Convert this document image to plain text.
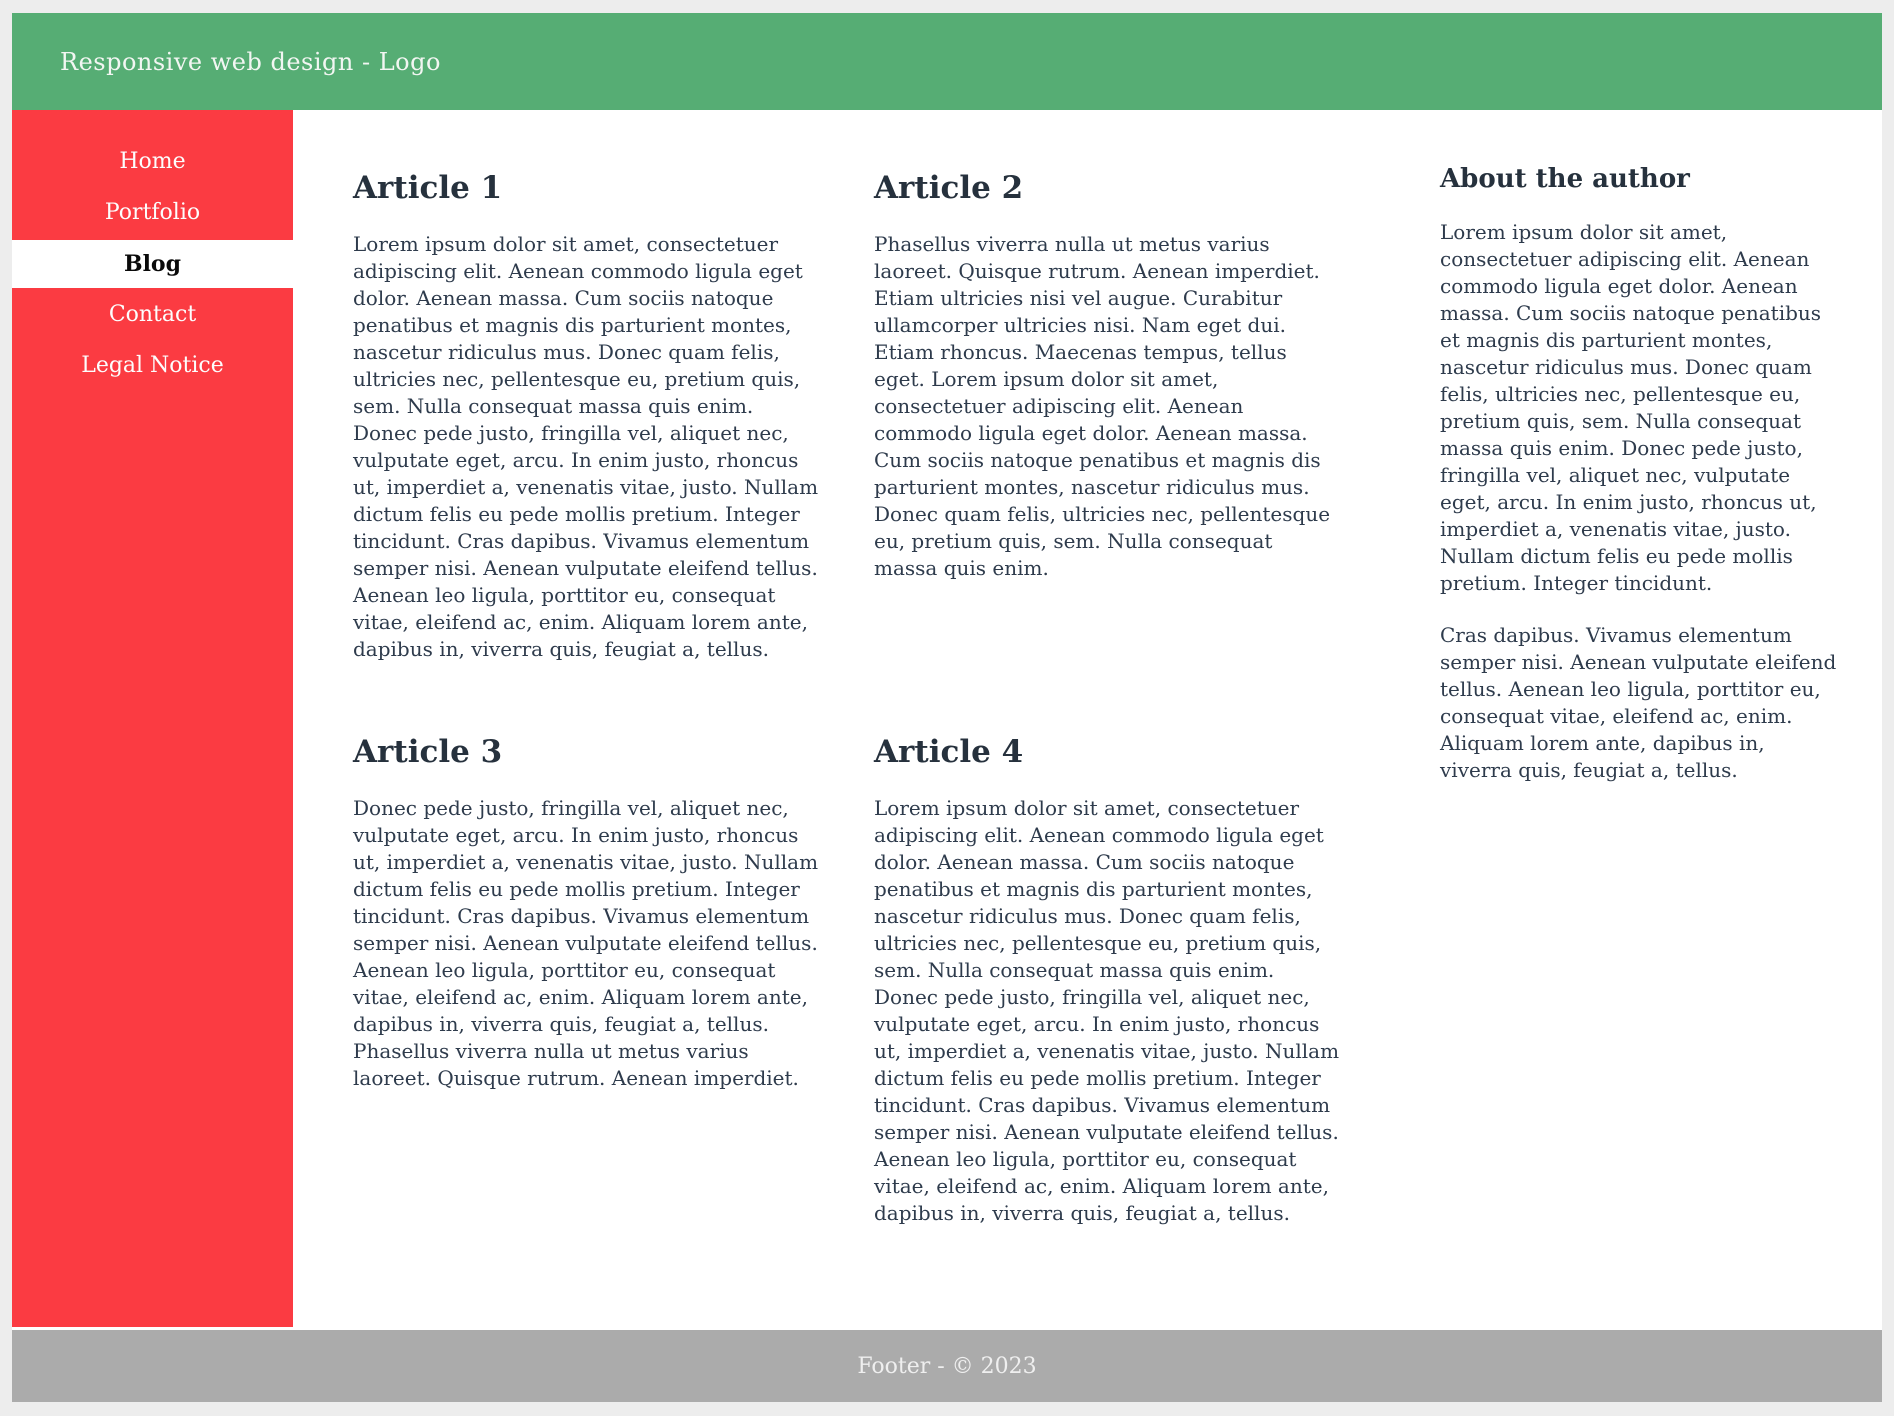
Responsive web design - Logo
Home
Portfolio
Blog
Contact
Legal Notice
Article 1

Lorem ipsum dolor sit amet, consectetuer adipiscing elit. Aenean commodo ligula eget dolor. Aenean massa. Cum sociis natoque penatibus et magnis dis parturient montes, nascetur ridiculus mus. Donec quam felis, ultricies nec, pellentesque eu, pretium quis, sem. Nulla consequat massa quis enim. Donec pede justo, fringilla vel, aliquet nec, vulputate eget, arcu. In enim justo, rhoncus ut, imperdiet a, venenatis vitae, justo. Nullam dictum felis eu pede mollis pretium. Integer tincidunt. Cras dapibus. Vivamus elementum semper nisi. Aenean vulputate eleifend tellus. Aenean leo ligula, porttitor eu, consequat vitae, eleifend ac, enim. Aliquam lorem ante, dapibus in, viverra quis, feugiat a, tellus.

Article 2

Phasellus viverra nulla ut metus varius laoreet. Quisque rutrum. Aenean imperdiet. Etiam ultricies nisi vel augue. Curabitur ullamcorper ultricies nisi. Nam eget dui. Etiam rhoncus. Maecenas tempus, tellus eget. Lorem ipsum dolor sit amet, consectetuer adipiscing elit. Aenean commodo ligula eget dolor. Aenean massa. Cum sociis natoque penatibus et magnis dis parturient montes, nascetur ridiculus mus. Donec quam felis, ultricies nec, pellentesque eu, pretium quis, sem. Nulla consequat massa quis enim.

Article 3

Donec pede justo, fringilla vel, aliquet nec, vulputate eget, arcu. In enim justo, rhoncus ut, imperdiet a, venenatis vitae, justo. Nullam dictum felis eu pede mollis pretium. Integer tincidunt. Cras dapibus. Vivamus elementum semper nisi. Aenean vulputate eleifend tellus. Aenean leo ligula, porttitor eu, consequat vitae, eleifend ac, enim. Aliquam lorem ante, dapibus in, viverra quis, feugiat a, tellus. Phasellus viverra nulla ut metus varius laoreet. Quisque rutrum. Aenean imperdiet.

Article 4

Lorem ipsum dolor sit amet, consectetuer adipiscing elit. Aenean commodo ligula eget dolor. Aenean massa. Cum sociis natoque penatibus et magnis dis parturient montes, nascetur ridiculus mus. Donec quam felis, ultricies nec, pellentesque eu, pretium quis, sem. Nulla consequat massa quis enim. Donec pede justo, fringilla vel, aliquet nec, vulputate eget, arcu. In enim justo, rhoncus ut, imperdiet a, venenatis vitae, justo. Nullam dictum felis eu pede mollis pretium. Integer tincidunt. Cras dapibus. Vivamus elementum semper nisi. Aenean vulputate eleifend tellus. Aenean leo ligula, porttitor eu, consequat vitae, eleifend ac, enim. Aliquam lorem ante, dapibus in, viverra quis, feugiat a, tellus.

About the author

Lorem ipsum dolor sit amet, consectetuer adipiscing elit. Aenean commodo ligula eget dolor. Aenean massa. Cum sociis natoque penatibus et magnis dis parturient montes, nascetur ridiculus mus. Donec quam felis, ultricies nec, pellentesque eu, pretium quis, sem. Nulla consequat massa quis enim. Donec pede justo, fringilla vel, aliquet nec, vulputate eget, arcu. In enim justo, rhoncus ut, imperdiet a, venenatis vitae, justo. Nullam dictum felis eu pede mollis pretium. Integer tincidunt.

Cras dapibus. Vivamus elementum semper nisi. Aenean vulputate eleifend tellus. Aenean leo ligula, porttitor eu, consequat vitae, eleifend ac, enim. Aliquam lorem ante, dapibus in, viverra quis, feugiat a, tellus.

Footer - © 2023
